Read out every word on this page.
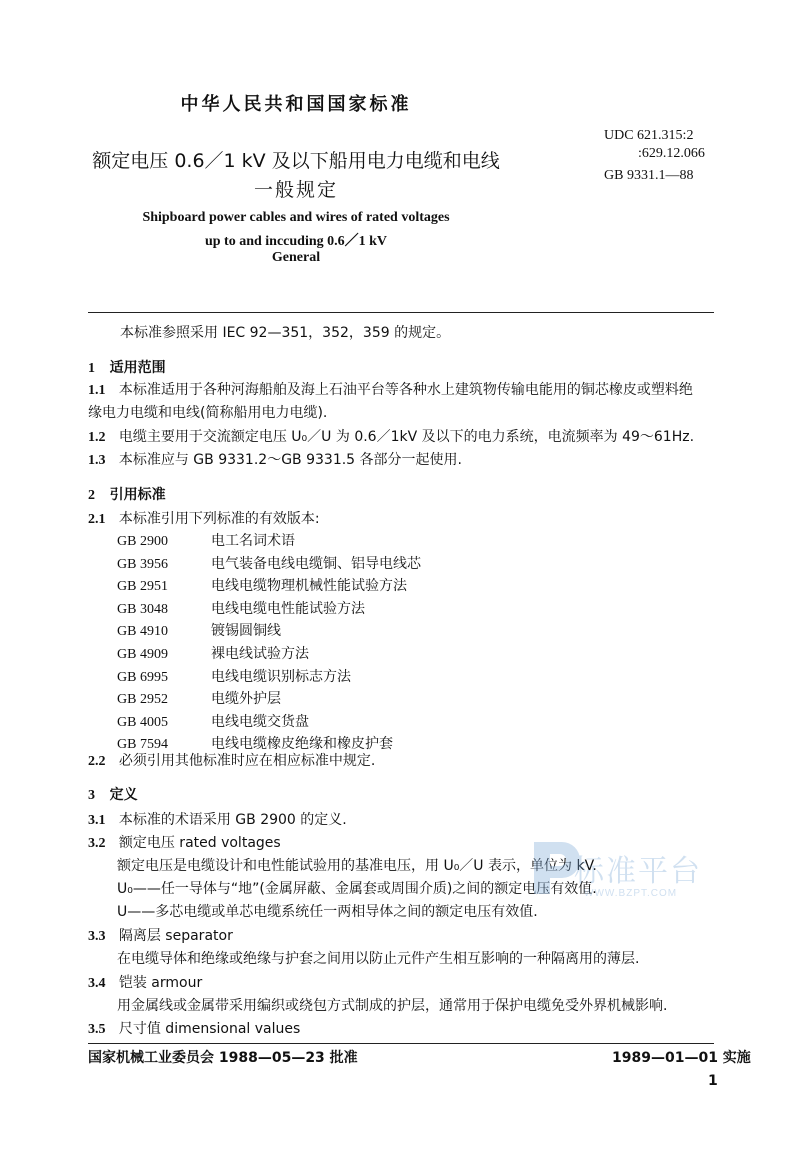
中华人民共和国国家标准
额定电压 0.6／1 kV 及以下船用电力电缆和电线
一般规定
Shipboard power cables and wires of rated voltages
up to and inccuding 0.6／1 kV
General
UDC 621.315:2
:629.12.066
GB 9331.1—88
本标准参照采用 IEC 92—351，352，359 的规定。
1 适用范围
1.1 本标准适用于各种河海船舶及海上石油平台等各种水上建筑物传输电能用的铜芯橡皮或塑料绝
缘电力电缆和电线(简称船用电力电缆).
1.2 电缆主要用于交流额定电压 U₀／U 为 0.6／1kV 及以下的电力系统，电流频率为 49～61Hz.
1.3 本标准应与 GB 9331.2～GB 9331.5 各部分一起使用.
2 引用标准
2.1 本标准引用下列标准的有效版本:
GB 2900	电工名词术语
GB 3956	电气装备电线电缆铜、铝导电线芯
GB 2951	电线电缆物理机械性能试验方法
GB 3048	电线电缆电性能试验方法
GB 4910	镀锡圆铜线
GB 4909	裸电线试验方法
GB 6995	电线电缆识别标志方法
GB 2952	电缆外护层
GB 4005	电线电缆交货盘
GB 7594	电线电缆橡皮绝缘和橡皮护套
2.2 必须引用其他标准时应在相应标准中规定.
3 定义
3.1 本标准的术语采用 GB 2900 的定义.
3.2 额定电压 rated voltages
额定电压是电缆设计和电性能试验用的基准电压，用 U₀／U 表示，单位为 kV.
U₀——任一导体与“地”(金属屏蔽、金属套或周围介质)之间的额定电压有效值.
U——多芯电缆或单芯电缆系统任一两相导体之间的额定电压有效值.
3.3 隔离层 separator
在电缆导体和绝缘或绝缘与护套之间用以防止元件产生相互影响的一种隔离用的薄层.
3.4 铠装 armour
用金属线或金属带采用编织或绕包方式制成的护层，通常用于保护电缆免受外界机械影响.
3.5 尺寸值 dimensional values
标准平台
WWW.BZPT.COM
国家机械工业委员会 1988—05—23 批准	1989—01—01 实施
1
